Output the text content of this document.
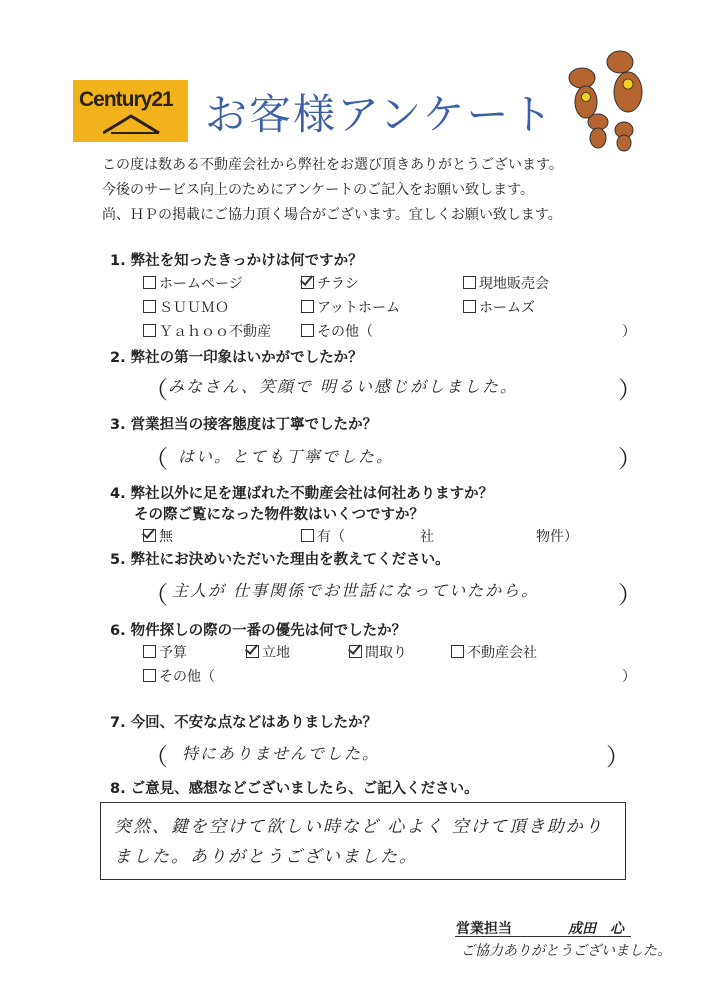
Century21 お客様アンケート
この度は数ある不動産会社から弊社をお選び頂きありがとうございます。
今後のサービス向上のためにアンケートのご記入をお願い致します。
尚、ＨＰの掲載にご協力頂く場合がございます。宜しくお願い致します。
1. 弊社を知ったきっかけは何ですか？
ホームページ	チラシ	現地販売会
ＳＵＵＭＯ	アットホーム	ホームズ
Ｙａｈｏｏ不動産	その他（	）
2. 弊社の第一印象はいかがでしたか？
（ みなさん、笑顔で 明るい感じがしました。	）
3. 営業担当の接客態度は丁寧でしたか？
（ はい。とても丁寧でした。	）
4. 弊社以外に足を運ばれた不動産会社は何社ありますか？
その際ご覧になった物件数はいくつですか？
無	有（	社	物件）
5. 弊社にお決めいただいた理由を教えてください。
（ 主人が 仕事関係でお世話になっていたから。	）
6. 物件探しの際の一番の優先は何でしたか？
予算	立地	間取り	不動産会社
その他（	）
7. 今回、不安な点などはありましたか？
（ 特にありませんでした。	）
8. ご意見、感想などございましたら、ご記入ください。
突然、鍵を空けて欲しい時など 心よく 空けて頂き助かり
ました。ありがとうございました。
営業担当	成田　心
ご協力ありがとうございました。
